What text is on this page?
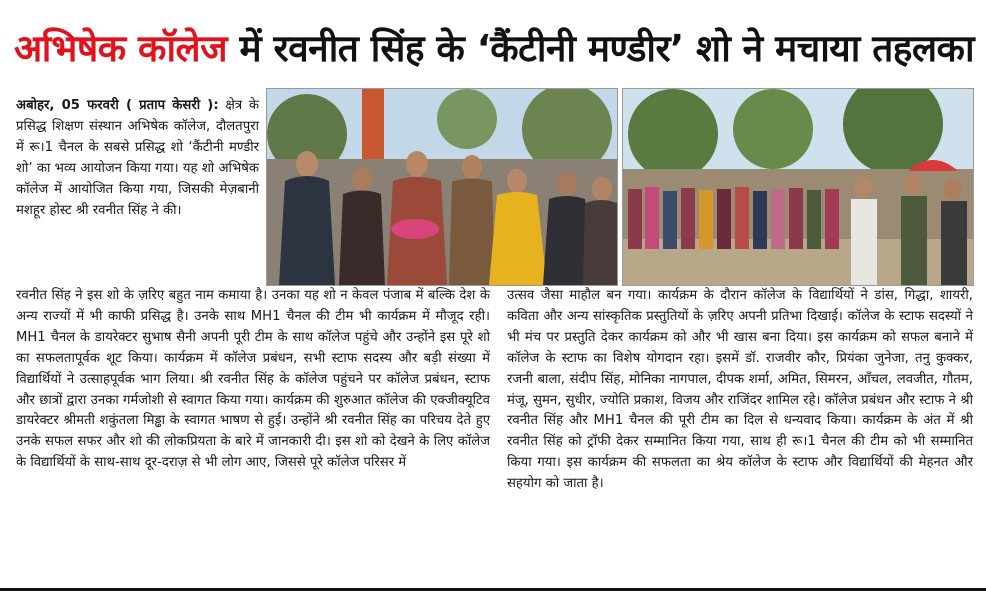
अभिषेक कॉलेज में रवनीत सिंह के ‘कैंटीनी मण्डीर’ शो ने मचाया तहलका

अबोहर, 05 फरवरी ( प्रताप केसरी ): क्षेत्र के प्रसिद्ध शिक्षण संस्थान अभिषेक कॉलेज, दौलतपुरा में रू।1 चैनल के सबसे प्रसिद्ध शो ‘कैंटीनी मण्डीर शो’ का भव्य आयोजन किया गया। यह शो अभिषेक कॉलेज में आयोजित किया गया, जिसकी मेज़बानी मशहूर होस्ट श्री रवनीत सिंह ने की।

रवनीत सिंह ने इस शो के ज़रिए बहुत नाम कमाया है। उनका यह शो न केवल पंजाब में बल्कि देश के अन्य राज्यों में भी काफी प्रसिद्ध है। उनके साथ MH1 चैनल की टीम भी कार्यक्रम में मौजूद रही। MH1 चैनल के डायरेक्टर सुभाष सैनी अपनी पूरी टीम के साथ कॉलेज पहुंचे और उन्होंने इस पूरे शो का सफलतापूर्वक शूट किया। कार्यक्रम में कॉलेज प्रबंधन, सभी स्टाफ सदस्य और बड़ी संख्या में विद्यार्थियों ने उत्साहपूर्वक भाग लिया। श्री रवनीत सिंह के कॉलेज पहुंचने पर कॉलेज प्रबंधन, स्टाफ और छात्रों द्वारा उनका गर्मजोशी से स्वागत किया गया। कार्यक्रम की शुरुआत कॉलेज की एक्जीक्यूटिव डायरेक्टर श्रीमती शकुंतला मिड्ढा के स्वागत भाषण से हुई। उन्होंने श्री रवनीत सिंह का परिचय देते हुए उनके सफल सफर और शो की लोकप्रियता के बारे में जानकारी दी। इस शो को देखने के लिए कॉलेज के विद्यार्थियों के साथ-साथ दूर-दराज़ से भी लोग आए, जिससे पूरे कॉलेज परिसर में

उत्सव जैसा माहौल बन गया। कार्यक्रम के दौरान कॉलेज के विद्यार्थियों ने डांस, गिद्धा, शायरी, कविता और अन्य सांस्कृतिक प्रस्तुतियों के ज़रिए अपनी प्रतिभा दिखाई। कॉलेज के स्टाफ सदस्यों ने भी मंच पर प्रस्तुति देकर कार्यक्रम को और भी खास बना दिया। इस कार्यक्रम को सफल बनाने में कॉलेज के स्टाफ का विशेष योगदान रहा। इसमें डॉ. राजवीर कौर, प्रियंका जुनेजा, तनु कुक्कर, रजनी बाला, संदीप सिंह, मोनिका नागपाल, दीपक शर्मा, अमित, सिमरन, आँचल, लवजीत, गौतम, मंजू, सुमन, सुधीर, ज्योति प्रकाश, विजय और राजिंदर शामिल रहे। कॉलेज प्रबंधन और स्टाफ ने श्री रवनीत सिंह और MH1 चैनल की पूरी टीम का दिल से धन्यवाद किया। कार्यक्रम के अंत में श्री रवनीत सिंह को ट्रॉफी देकर सम्मानित किया गया, साथ ही रू।1 चैनल की टीम को भी सम्मानित किया गया। इस कार्यक्रम की सफलता का श्रेय कॉलेज के स्टाफ और विद्यार्थियों की मेहनत और सहयोग को जाता है।
